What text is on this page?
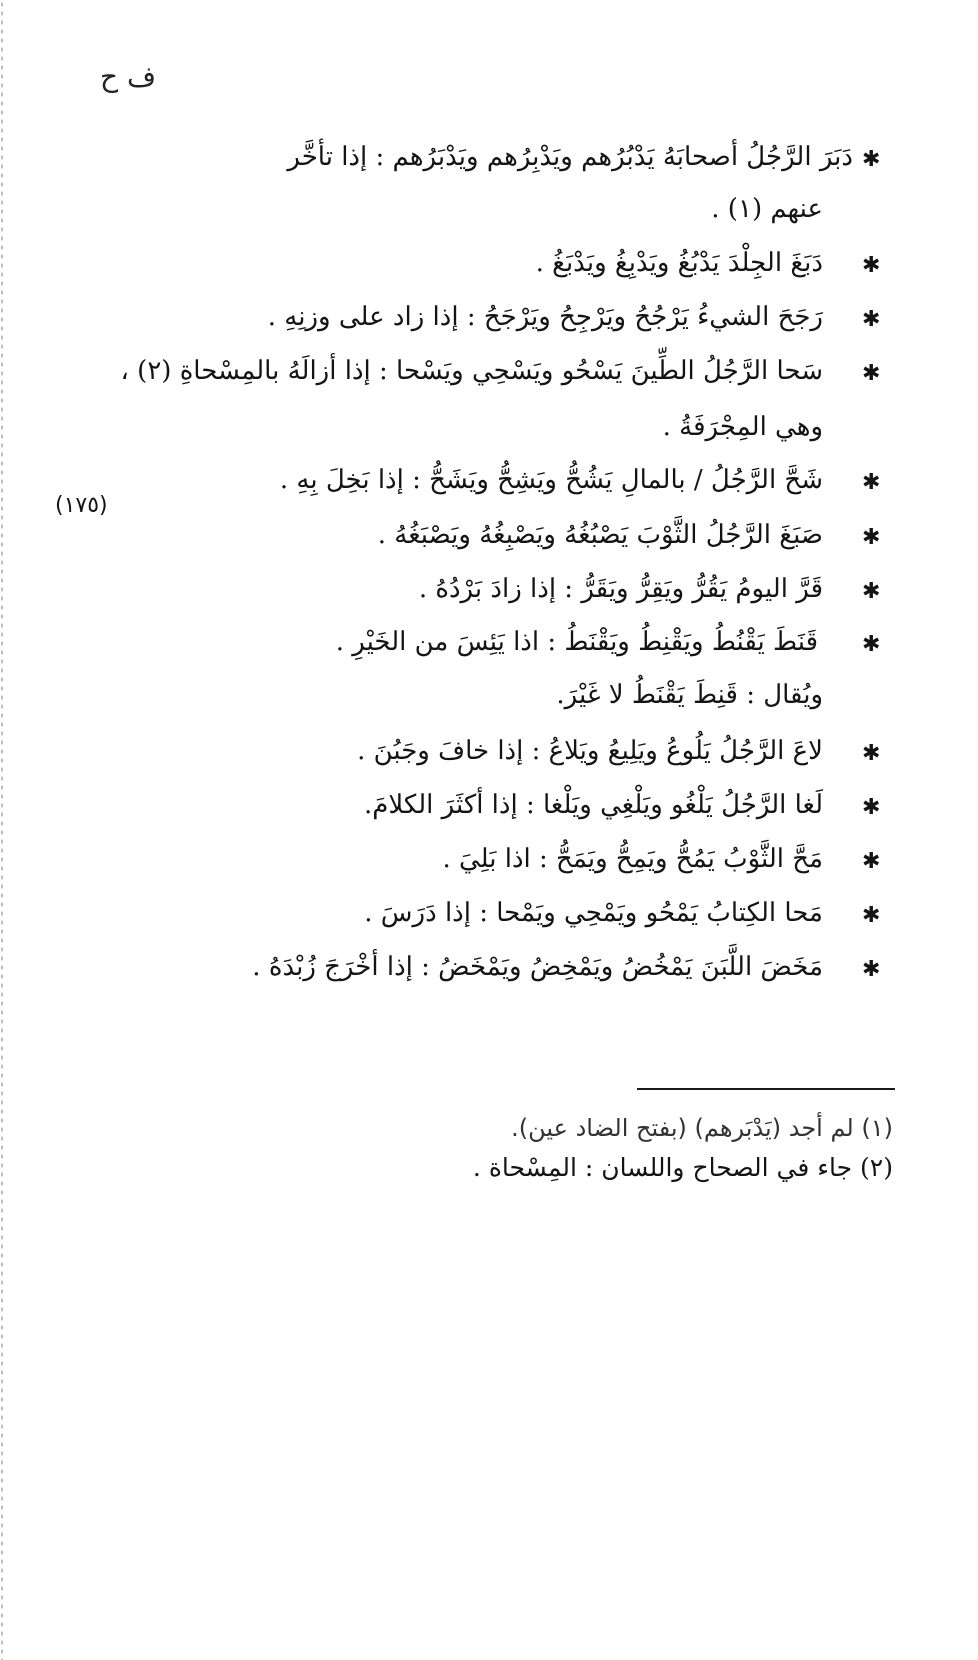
ف ح
✱
دَبَرَ الرَّجُلُ أصحابَهُ يَدْبُرُهم ويَدْبِرُهم ويَدْبَرُهم : إذا تأخَّر
عنهم (١) .
✱
دَبَغَ الجِلْدَ يَدْبُغُ ويَدْبِغُ ويَدْبَغُ .
✱
رَجَحَ الشيءُ يَرْجُحُ ويَرْجِحُ ويَرْجَحُ : إذا زاد على وزنِهِ .
✱
سَحا الرَّجُلُ الطِّينَ يَسْحُو ويَسْحِي ويَسْحا : إذا أزالَهُ بالمِسْحاةِ (٢) ،
وهي المِجْرَفَةُ .
✱
شَحَّ الرَّجُلُ / بالمالِ يَشُحُّ ويَشِحُّ ويَشَحُّ : إذا بَخِلَ بِهِ .
(١٧٥)
✱
صَبَغَ الرَّجُلُ الثَّوْبَ يَصْبُغُهُ ويَصْبِغُهُ ويَصْبَغُهُ .
✱
قَرَّ اليومُ يَقُرُّ ويَقِرُّ ويَقَرُّ : إذا زادَ بَرْدُهُ .
✱
قَنَطَ يَقْنُطُ ويَقْنِطُ ويَقْنَطُ : اذا يَئِسَ من الخَيْرِ .
ويُقال : قَنِطَ يَقْنَطُ لا غَيْرَ.
✱
لاعَ الرَّجُلُ يَلُوعُ ويَلِيعُ ويَلاعُ : إذا خافَ وجَبُنَ .
✱
لَغا الرَّجُلُ يَلْغُو ويَلْغِي ويَلْغا : إذا أكثَرَ الكلامَ.
✱
مَحَّ الثَّوْبُ يَمُحُّ ويَمِحُّ ويَمَحُّ : اذا بَلِيَ .
✱
مَحا الكِتابُ يَمْحُو ويَمْحِي ويَمْحا : إذا دَرَسَ .
✱
مَخَضَ اللَّبَنَ يَمْخُضُ ويَمْخِضُ ويَمْخَضُ : إذا أخْرَجَ زُبْدَهُ .
(١) لم أجد (يَدْبَرهم) (بفتح الضاد عين).
(٢) جاء في الصحاح واللسان : المِسْحاة .
